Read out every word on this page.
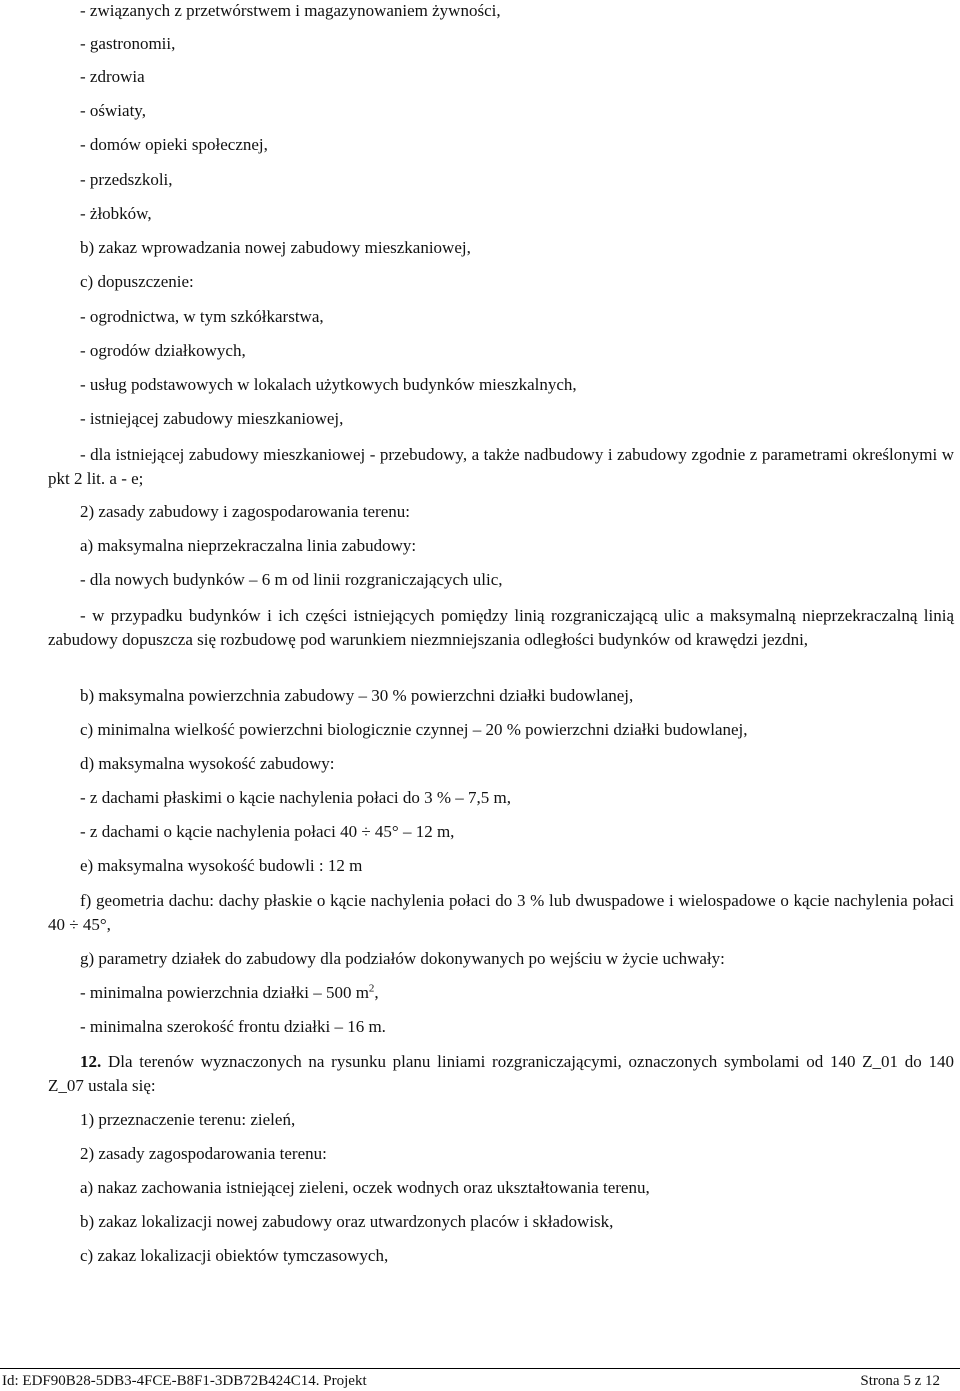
- związanych z przetwórstwem i magazynowaniem żywności,
- gastronomii,
- zdrowia
- oświaty,
- domów opieki społecznej,
- przedszkoli,
- żłobków,
b) zakaz wprowadzania nowej zabudowy mieszkaniowej,
c) dopuszczenie:
- ogrodnictwa, w tym szkółkarstwa,
- ogrodów działkowych,
- usług podstawowych w lokalach użytkowych budynków mieszkalnych,
- istniejącej zabudowy mieszkaniowej,
- dla istniejącej zabudowy mieszkaniowej - przebudowy, a także nadbudowy i zabudowy zgodnie z parametrami określonymi w pkt 2 lit. a - e;
2) zasady zabudowy i zagospodarowania terenu:
a) maksymalna nieprzekraczalna linia zabudowy:
- dla nowych budynków – 6 m od linii rozgraniczających ulic,
- w przypadku budynków i ich części istniejących pomiędzy linią rozgraniczającą ulic a maksymalną nieprzekraczalną linią zabudowy dopuszcza się rozbudowę pod warunkiem niezmniejszania odległości budynków od krawędzi jezdni,
b) maksymalna powierzchnia zabudowy – 30 % powierzchni działki budowlanej,
c) minimalna wielkość powierzchni biologicznie czynnej – 20 % powierzchni działki budowlanej,
d) maksymalna wysokość zabudowy:
- z dachami płaskimi o kącie nachylenia połaci do 3 % – 7,5 m,
- z dachami o kącie nachylenia połaci 40 ÷ 45° – 12 m,
e) maksymalna wysokość budowli : 12 m
f) geometria dachu: dachy płaskie o kącie nachylenia połaci do 3 % lub dwuspadowe i wielospadowe o kącie nachylenia połaci 40 ÷ 45°,
g) parametry działek do zabudowy dla podziałów dokonywanych po wejściu w życie uchwały:
- minimalna powierzchnia działki – 500 $m^2$,
- minimalna szerokość frontu działki – 16 m.
12. Dla terenów wyznaczonych na rysunku planu liniami rozgraniczającymi, oznaczonych symbolami od 140 Z_01 do 140 Z_07 ustala się:
1) przeznaczenie terenu: zieleń,
2) zasady zagospodarowania terenu:
a) nakaz zachowania istniejącej zieleni, oczek wodnych oraz ukształtowania terenu,
b) zakaz lokalizacji nowej zabudowy oraz utwardzonych placów i składowisk,
c) zakaz lokalizacji obiektów tymczasowych,
Id: EDF90B28-5DB3-4FCE-B8F1-3DB72B424C14. Projekt	Strona 5 z 12
